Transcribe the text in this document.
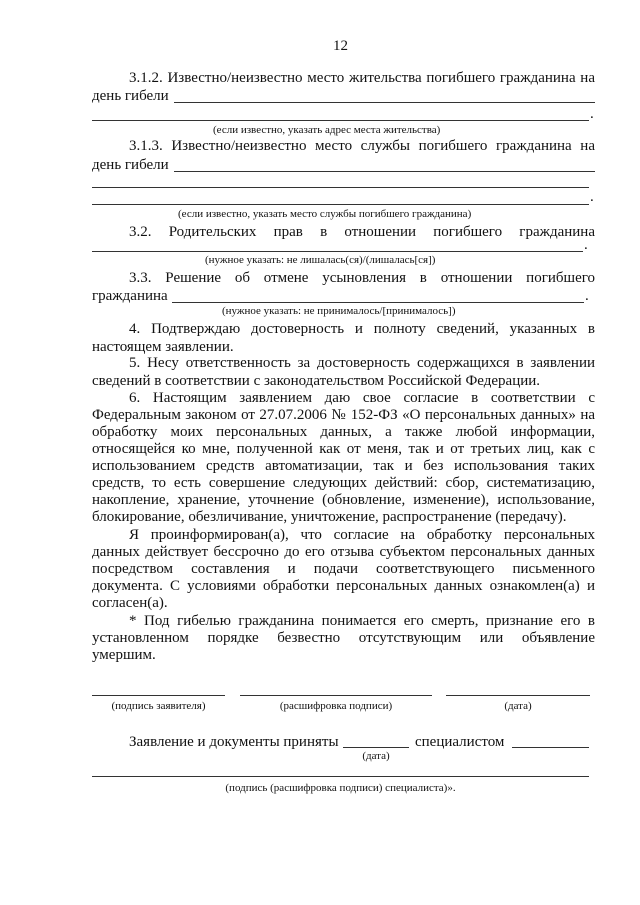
12
3.1.2. Известно/неизвестно место жительства погибшего гражданина на
день гибели
.
(если известно, указать адрес места жительства)
3.1.3. Известно/неизвестно место службы погибшего гражданина на
день гибели
.
(если известно, указать место службы погибшего гражданина)
3.2. Родительских прав в отношении погибшего гражданина
.
(нужное указать: не лишалась(ся)/(лишалась[ся])
3.3. Решение об отмене усыновления в отношении погибшего
гражданина	.
(нужное указать: не принималось/[принималось])
4. Подтверждаю достоверность и полноту сведений, указанных в
настоящем заявлении.
5. Несу ответственность за достоверность содержащихся в заявлении
сведений в соответствии с законодательством Российской Федерации.
6. Настоящим заявлением даю свое согласие в соответствии с
Федеральным законом от 27.07.2006 № 152-ФЗ «О персональных данных» на
обработку моих персональных данных, а также любой информации,
относящейся ко мне, полученной как от меня, так и от третьих лиц, как с
использованием средств автоматизации, так и без использования таких
средств, то есть совершение следующих действий: сбор, систематизацию,
накопление, хранение, уточнение (обновление, изменение), использование,
блокирование, обезличивание, уничтожение, распространение (передачу).
Я проинформирован(а), что согласие на обработку персональных
данных действует бессрочно до его отзыва субъектом персональных данных
посредством составления и подачи соответствующего письменного
документа. С условиями обработки персональных данных ознакомлен(а) и
согласен(а).
* Под гибелью гражданина понимается его смерть, признание его в
установленном порядке безвестно отсутствующим или объявление
умершим.
(подпись заявителя)	(расшифровка подписи)	(дата)
Заявление и документы приняты	специалистом
(дата)
(подпись (расшифровка подписи) специалиста)».
